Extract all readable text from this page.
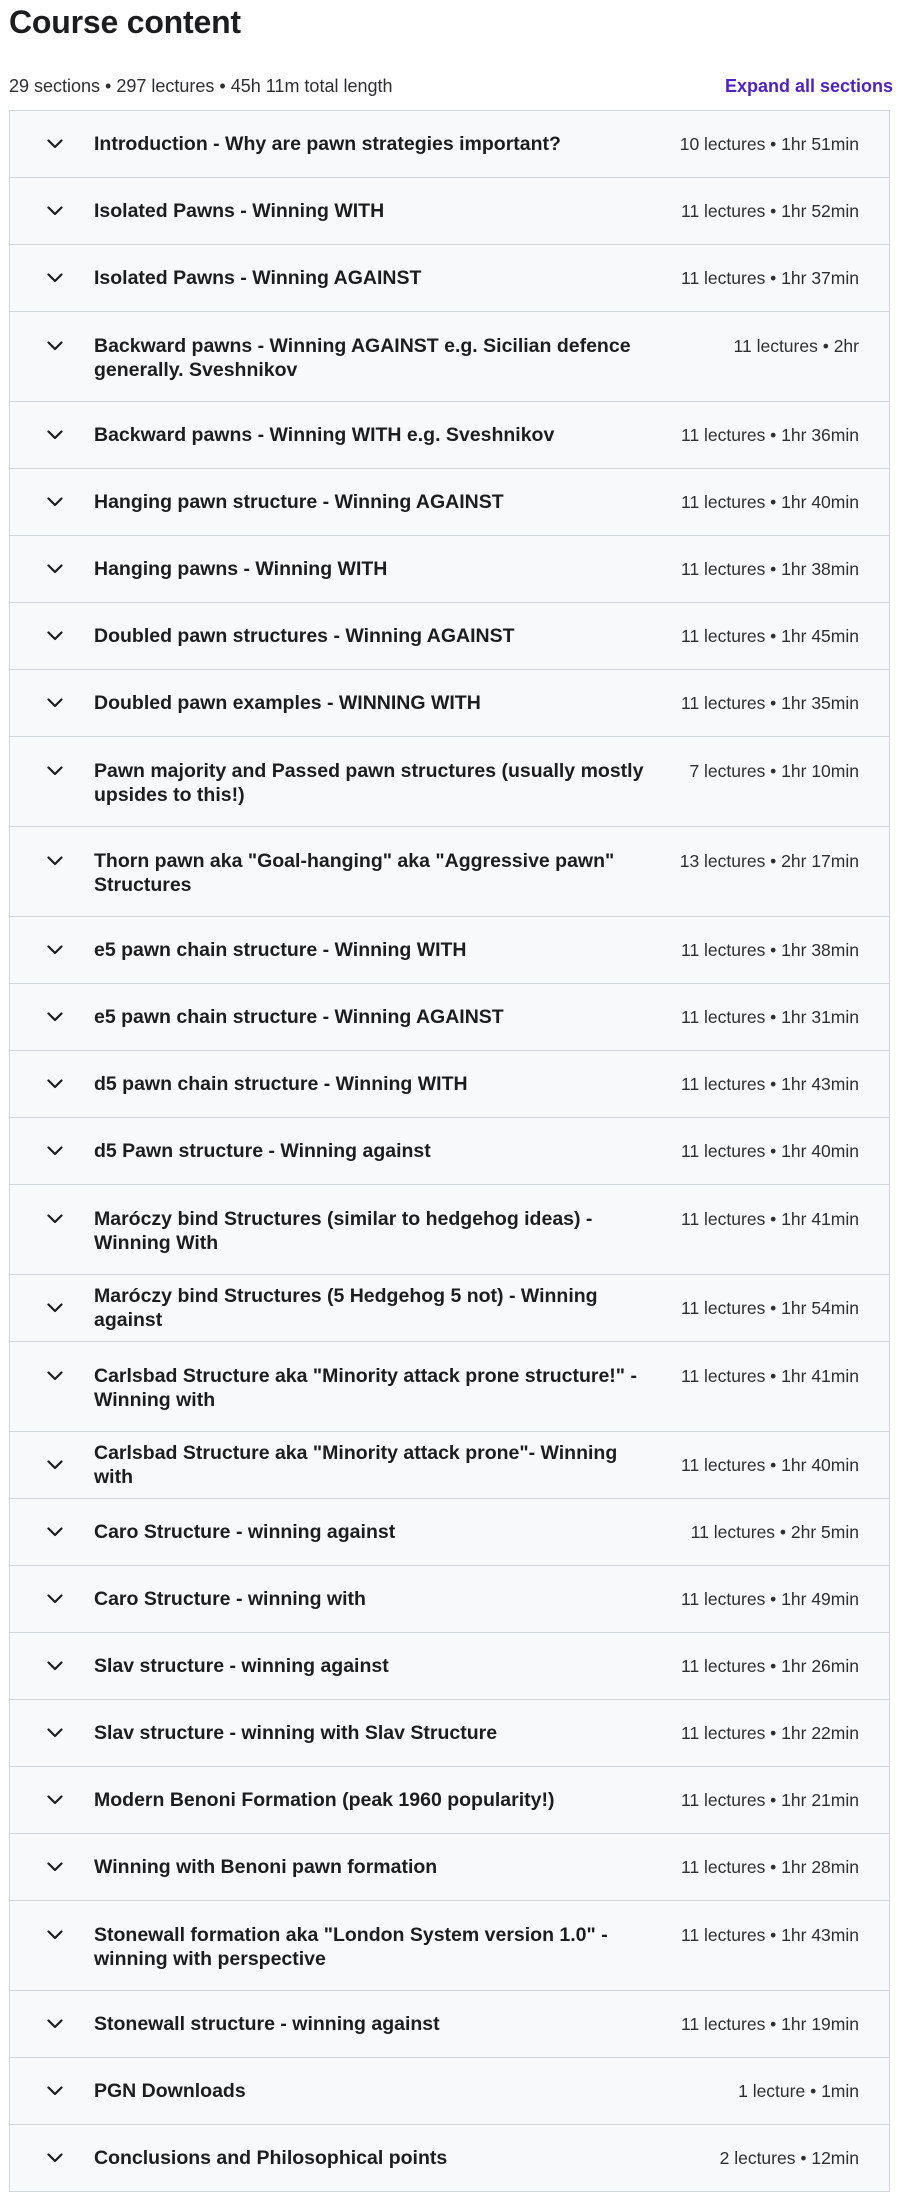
Course content
29 sections • 297 lectures • 45h 11m total length	Expand all sections
Introduction - Why are pawn strategies important?	10 lectures • 1hr 51min
Isolated Pawns - Winning WITH	11 lectures • 1hr 52min
Isolated Pawns - Winning AGAINST	11 lectures • 1hr 37min
Backward pawns - Winning AGAINST e.g. Sicilian defence generally. Sveshnikov
11 lectures • 2hr
Backward pawns - Winning WITH e.g. Sveshnikov	11 lectures • 1hr 36min
Hanging pawn structure - Winning AGAINST	11 lectures • 1hr 40min
Hanging pawns - Winning WITH	11 lectures • 1hr 38min
Doubled pawn structures - Winning AGAINST	11 lectures • 1hr 45min
Doubled pawn examples - WINNING WITH	11 lectures • 1hr 35min
Pawn majority and Passed pawn structures (usually mostly upsides to this!)
7 lectures • 1hr 10min
Thorn pawn aka "Goal-hanging" aka "Aggressive pawn" Structures
13 lectures • 2hr 17min
e5 pawn chain structure - Winning WITH	11 lectures • 1hr 38min
e5 pawn chain structure - Winning AGAINST	11 lectures • 1hr 31min
d5 pawn chain structure - Winning WITH	11 lectures • 1hr 43min
d5 Pawn structure - Winning against	11 lectures • 1hr 40min
Maróczy bind Structures (similar to hedgehog ideas) - Winning With
11 lectures • 1hr 41min
Maróczy bind Structures (5 Hedgehog 5 not) - Winning against
11 lectures • 1hr 54min
Carlsbad Structure aka "Minority attack prone structure!" - Winning with
11 lectures • 1hr 41min
Carlsbad Structure aka "Minority attack prone"- Winning with
11 lectures • 1hr 40min
Caro Structure - winning against	11 lectures • 2hr 5min
Caro Structure - winning with	11 lectures • 1hr 49min
Slav structure - winning against	11 lectures • 1hr 26min
Slav structure - winning with Slav Structure	11 lectures • 1hr 22min
Modern Benoni Formation (peak 1960 popularity!)	11 lectures • 1hr 21min
Winning with Benoni pawn formation	11 lectures • 1hr 28min
Stonewall formation aka "London System version 1.0" - winning with perspective
11 lectures • 1hr 43min
Stonewall structure - winning against	11 lectures • 1hr 19min
PGN Downloads	1 lecture • 1min
Conclusions and Philosophical points	2 lectures • 12min
